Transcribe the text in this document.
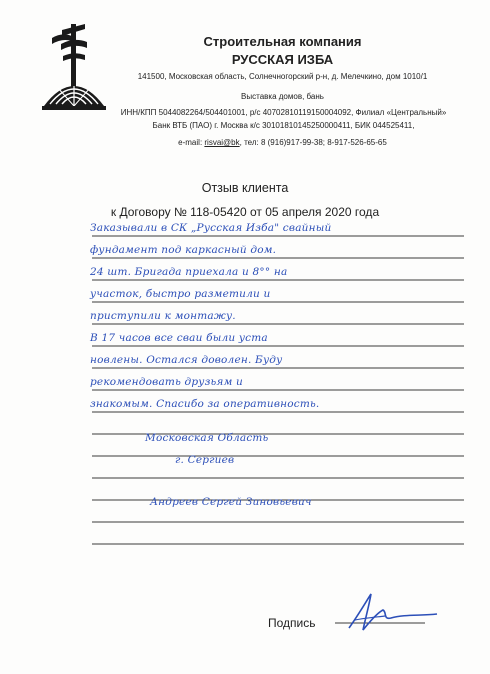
Строительная компания
РУССКАЯ ИЗБА
141500, Московская область, Солнечногорский р-н, д. Мелечкино, дом 1010/1
Выставка домов, бань
ИНН/КПП 5044082264/504401001, р/с 40702810119150004092, Филиал «Центральный»
Банк ВТБ (ПАО) г. Москва к/с 30101810145250000411, БИК 044525411,
e-mail: risvai@bk, тел: 8 (916)917-99-38; 8-917-526-65-65
Отзыв клиента
к Договору № 118-05420 от 05 апреля 2020 года
Заказывали в СК „Русская Изба" свайный
фундамент под каркасный дом.
24 шт. Бригада приехала и 8°° на
участок, быстро разметили и
приступили к монтажу.
В 17 часов все сваи были уста
новлены. Остался доволен. Буду
рекомендовать друзьям и
знакомым. Спасибо за оперативность.
Московская Область
г. Сергиев
Андреев Сергей Зиновьевич
Подпись
